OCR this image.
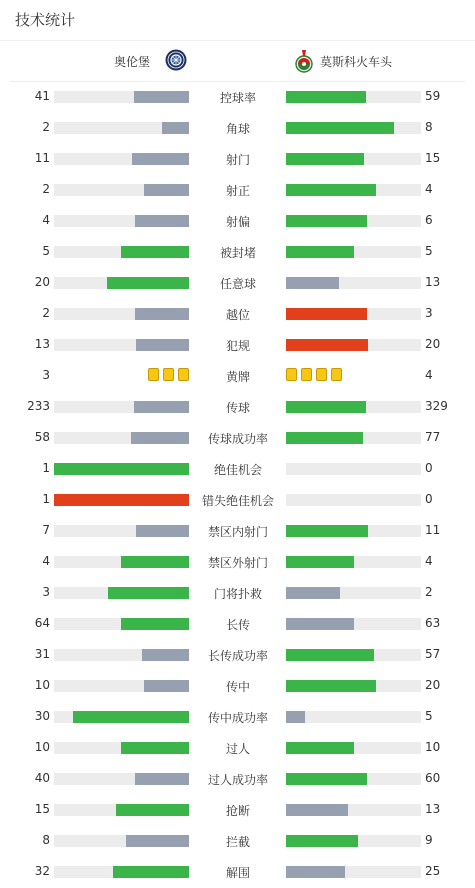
技术统计
奥伦堡	莫斯科火车头
41	控球率	59
2	角球	8
11	射门	15
2	射正	4
4	射偏	6
5	被封堵	5
20	任意球	13
2	越位	3
13	犯规	20
3	黄牌	4
233	传球	329
58	传球成功率	77
1	绝佳机会	0
1	错失绝佳机会	0
7	禁区内射门	11
4	禁区外射门	4
3	门将扑救	2
64	长传	63
31	长传成功率	57
10	传中	20
30	传中成功率	5
10	过人	10
40	过人成功率	60
15	抢断	13
8	拦截	9
32	解围	25
